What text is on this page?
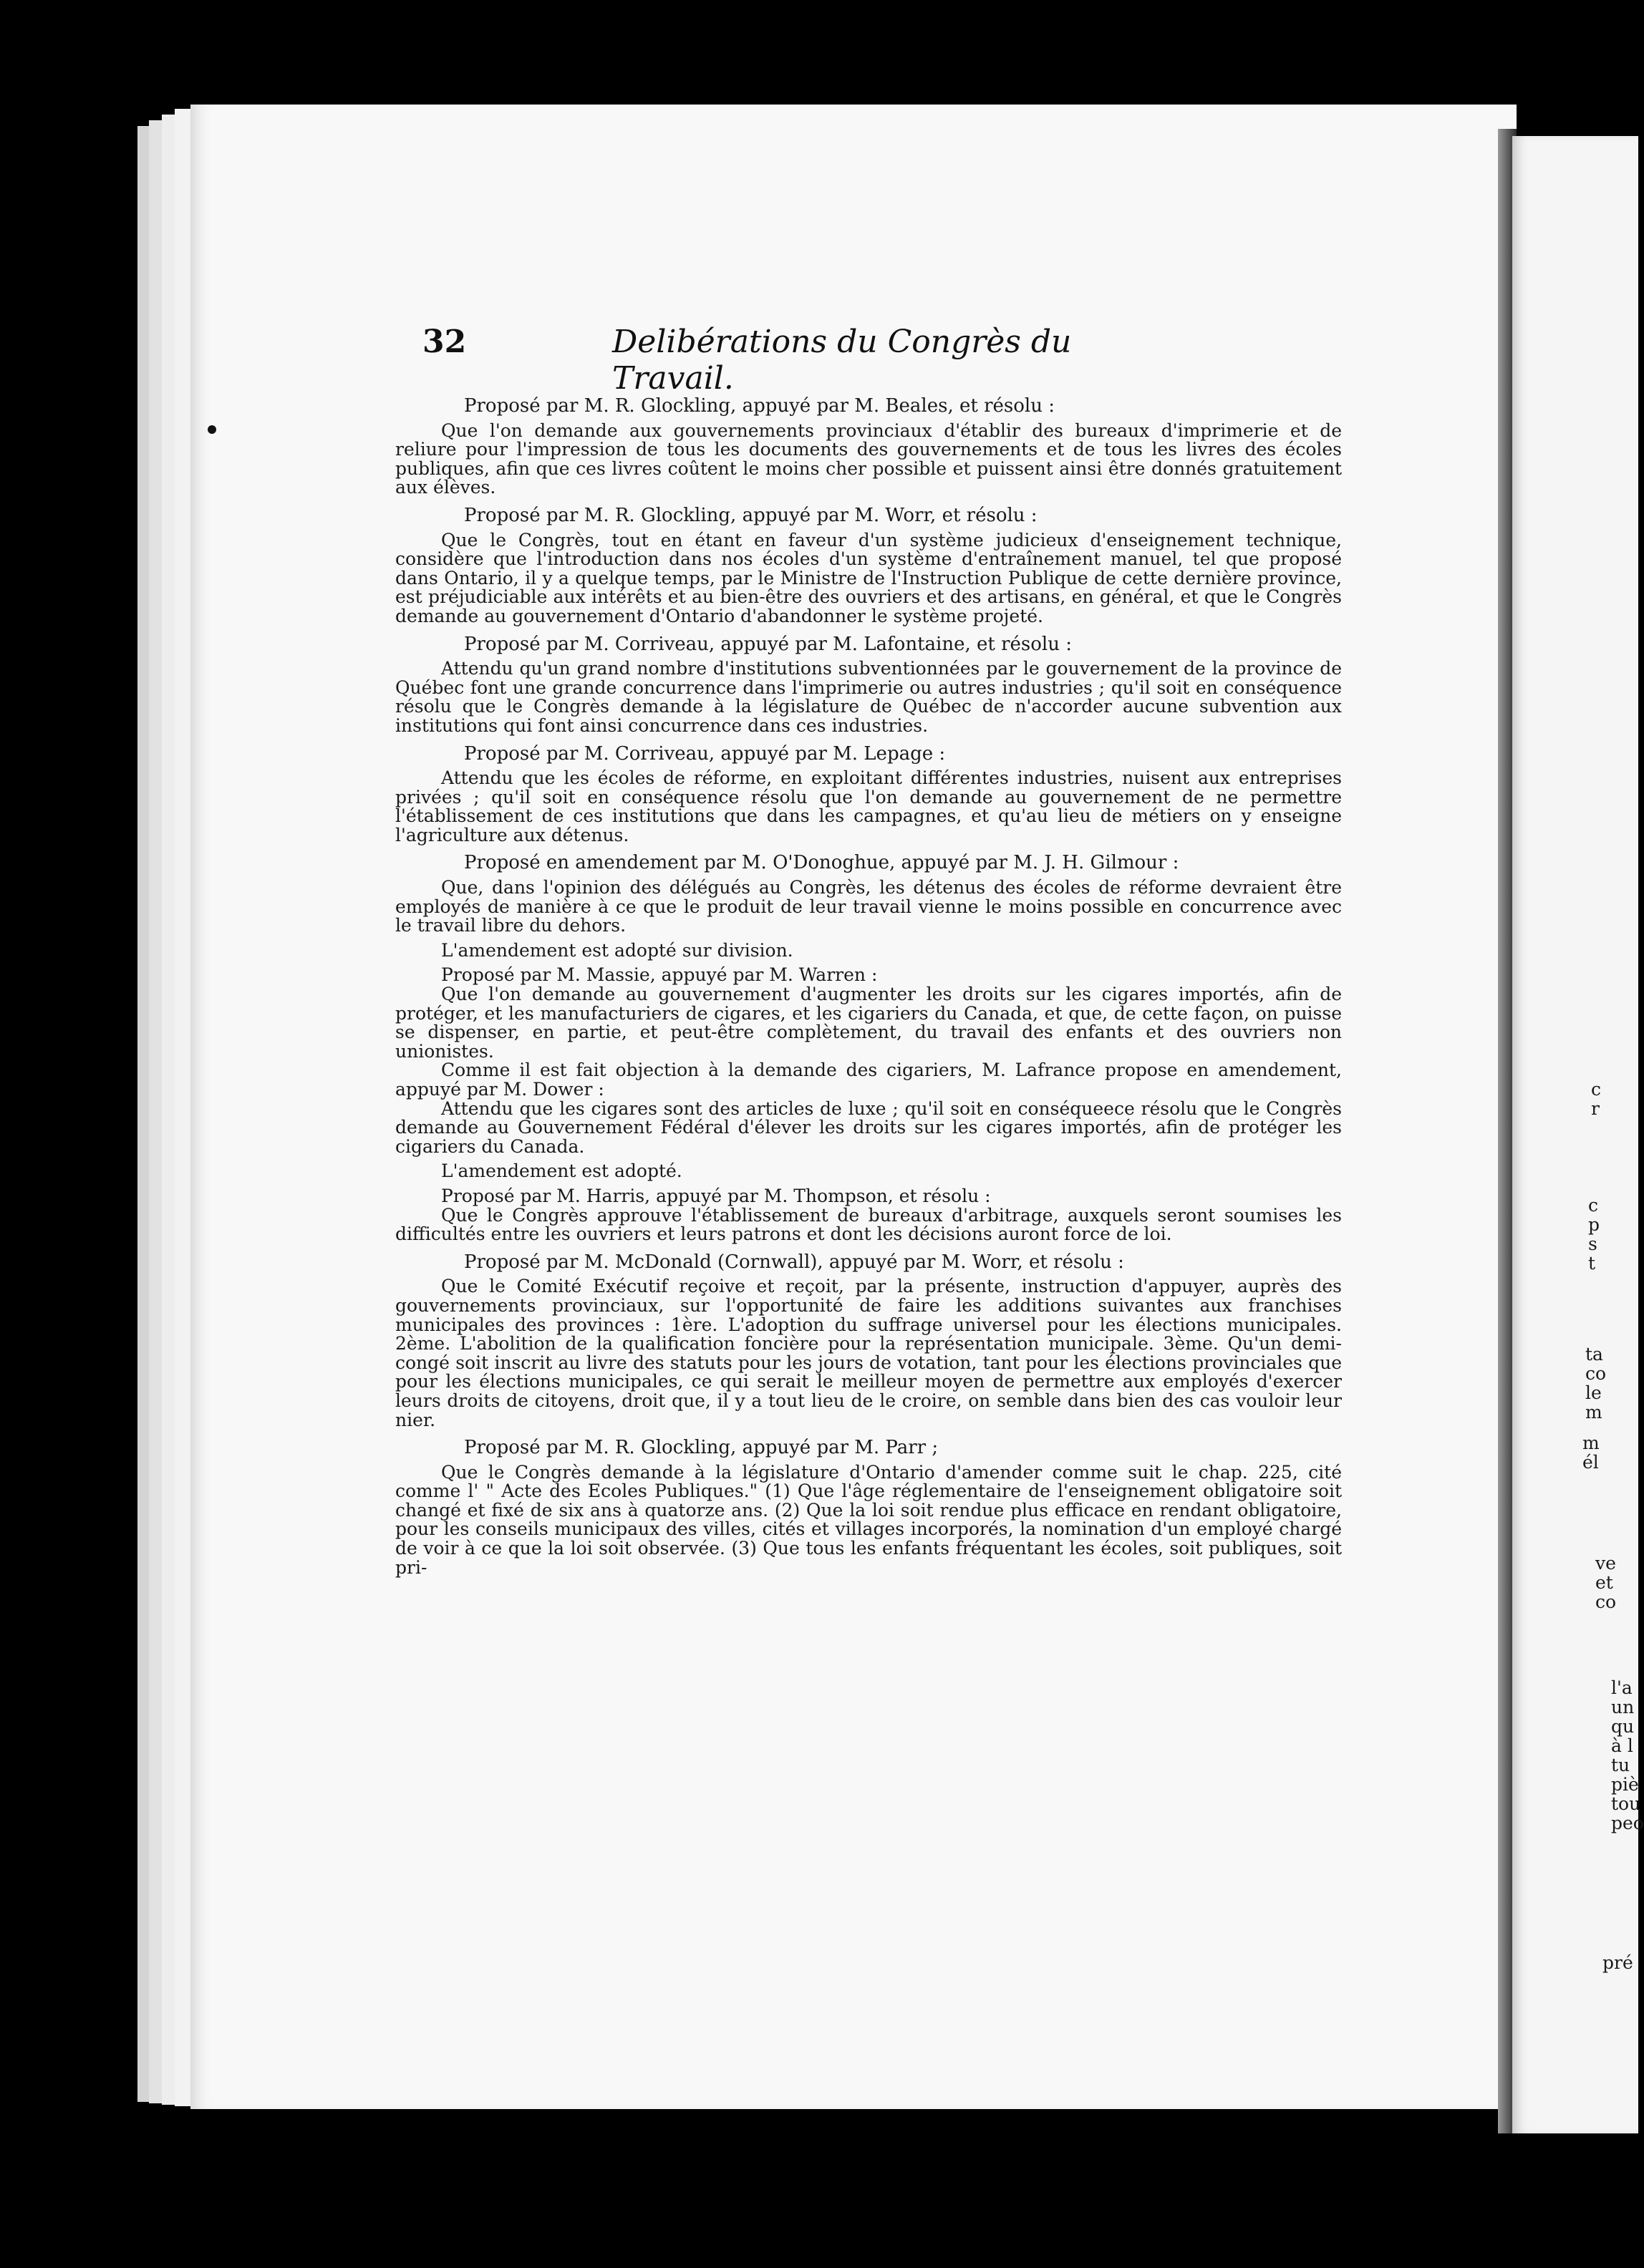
32	Delibérations du Congrès du Travail.

Proposé par M. R. Glockling, appuyé par M. Beales, et résolu :

Que l'on demande aux gouvernements provinciaux d'établir des bureaux d'imprimerie et de reliure pour l'impression de tous les documents des gouvernements et de tous les livres des écoles publiques, afin que ces livres coûtent le moins cher possible et puissent ainsi être donnés gratuitement aux élèves.

Proposé par M. R. Glockling, appuyé par M. Worr, et résolu :

Que le Congrès, tout en étant en faveur d'un système judicieux d'enseignement technique, considère que l'introduction dans nos écoles d'un système d'entraînement manuel, tel que proposé dans Ontario, il y a quelque temps, par le Ministre de l'Instruction Publique de cette dernière province, est préjudiciable aux intérêts et au bien-être des ouvriers et des artisans, en général, et que le Congrès demande au gouvernement d'Ontario d'abandonner le système projeté.

Proposé par M. Corriveau, appuyé par M. Lafontaine, et résolu :

Attendu qu'un grand nombre d'institutions subventionnées par le gouvernement de la province de Québec font une grande concurrence dans l'imprimerie ou autres industries ; qu'il soit en conséquence résolu que le Congrès demande à la législature de Québec de n'accorder aucune subvention aux institutions qui font ainsi concurrence dans ces industries.

Proposé par M. Corriveau, appuyé par M. Lepage :

Attendu que les écoles de réforme, en exploitant différentes industries, nuisent aux entreprises privées ; qu'il soit en conséquence résolu que l'on demande au gouvernement de ne permettre l'établissement de ces institutions que dans les campagnes, et qu'au lieu de métiers on y enseigne l'agriculture aux détenus.

Proposé en amendement par M. O'Donoghue, appuyé par M. J. H. Gilmour :

Que, dans l'opinion des délégués au Congrès, les détenus des écoles de réforme devraient être employés de manière à ce que le produit de leur travail vienne le moins possible en concurrence avec le travail libre du dehors.

L'amendement est adopté sur division.

Proposé par M. Massie, appuyé par M. Warren :

Que l'on demande au gouvernement d'augmenter les droits sur les cigares importés, afin de protéger, et les manufacturiers de cigares, et les cigariers du Canada, et que, de cette façon, on puisse se dispenser, en partie, et peut-être complètement, du travail des enfants et des ouvriers non unionistes.

Comme il est fait objection à la demande des cigariers, M. Lafrance propose en amendement, appuyé par M. Dower :

Attendu que les cigares sont des articles de luxe ; qu'il soit en conséqueece résolu que le Congrès demande au Gouvernement Fédéral d'élever les droits sur les cigares importés, afin de protéger les cigariers du Canada.

L'amendement est adopté.

Proposé par M. Harris, appuyé par M. Thompson, et résolu :

Que le Congrès approuve l'établissement de bureaux d'arbitrage, auxquels seront soumises les difficultés entre les ouvriers et leurs patrons et dont les décisions auront force de loi.

Proposé par M. McDonald (Cornwall), appuyé par M. Worr, et résolu :

Que le Comité Exécutif reçoive et reçoit, par la présente, instruction d'appuyer, auprès des gouvernements provinciaux, sur l'opportunité de faire les additions suivantes aux franchises municipales des provinces : 1ère. L'adoption du suffrage universel pour les élections municipales. 2ème. L'abolition de la qualification foncière pour la représentation municipale. 3ème. Qu'un demi-congé soit inscrit au livre des statuts pour les jours de votation, tant pour les élections provinciales que pour les élections municipales, ce qui serait le meilleur moyen de permettre aux employés d'exercer leurs droits de citoyens, droit que, il y a tout lieu de le croire, on semble dans bien des cas vouloir leur nier.

Proposé par M. R. Glockling, appuyé par M. Parr ;

Que le Congrès demande à la législature d'Ontario d'amender comme suit le chap. 225, cité comme l' " Acte des Ecoles Publiques." (1) Que l'âge réglementaire de l'enseignement obligatoire soit changé et fixé de six ans à quatorze ans. (2) Que la loi soit rendue plus efficace en rendant obligatoire, pour les conseils municipaux des villes, cités et villages incorporés, la nomination d'un employé chargé de voir à ce que la loi soit observée. (3) Que tous les enfants fréquentant les écoles, soit publiques, soit pri-

c
r
c
p
s
t
ta
co
le
m
m
él
ve
et
co
l'a
un
qu
à l
tu
piè
tou
peo
pré
